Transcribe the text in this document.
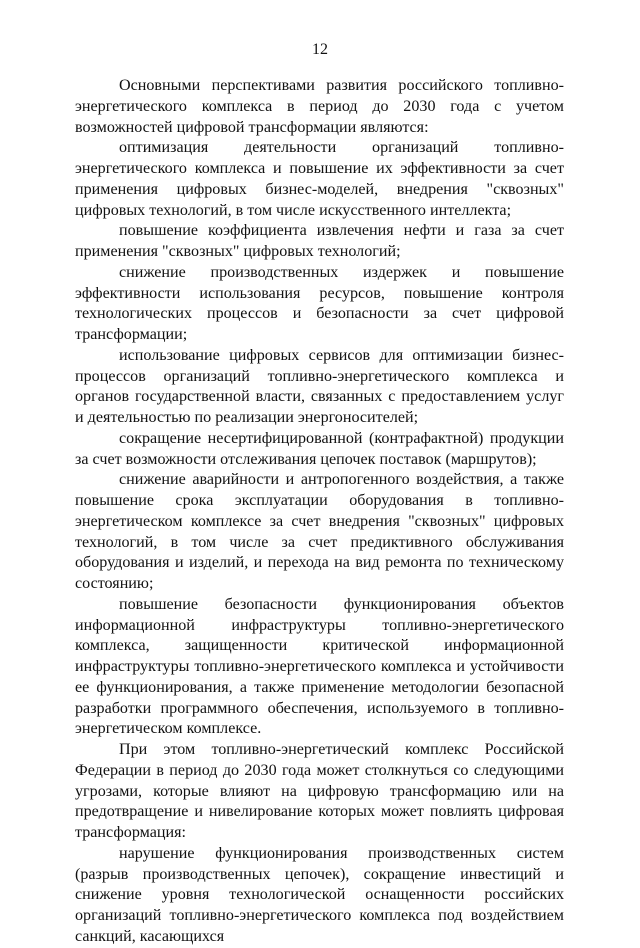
12

Основными перспективами развития российского топливно-энергетического комплекса в период до 2030 года с учетом возможностей цифровой трансформации являются:

оптимизация деятельности организаций топливно-энергетического комплекса и повышение их эффективности за счет применения цифровых бизнес-моделей, внедрения "сквозных" цифровых технологий, в том числе искусственного интеллекта;

повышение коэффициента извлечения нефти и газа за счет применения "сквозных" цифровых технологий;

снижение производственных издержек и повышение эффективности использования ресурсов, повышение контроля технологических процессов и безопасности за счет цифровой трансформации;

использование цифровых сервисов для оптимизации бизнес-процессов организаций топливно-энергетического комплекса и органов государственной власти, связанных с предоставлением услуг и деятельностью по реализации энергоносителей;

сокращение несертифицированной (контрафактной) продукции за счет возможности отслеживания цепочек поставок (маршрутов);

снижение аварийности и антропогенного воздействия, а также повышение срока эксплуатации оборудования в топливно-энергетическом комплексе за счет внедрения "сквозных" цифровых технологий, в том числе за счет предиктивного обслуживания оборудования и изделий, и перехода на вид ремонта по техническому состоянию;

повышение безопасности функционирования объектов информационной инфраструктуры топливно-энергетического комплекса, защищенности критической информационной инфраструктуры топливно-энергетического комплекса и устойчивости ее функционирования, а также применение методологии безопасной разработки программного обеспечения, используемого в топливно-энергетическом комплексе.

При этом топливно-энергетический комплекс Российской Федерации в период до 2030 года может столкнуться со следующими угрозами, которые влияют на цифровую трансформацию или на предотвращение и нивелирование которых может повлиять цифровая трансформация:

нарушение функционирования производственных систем (разрыв производственных цепочек), сокращение инвестиций и снижение уровня технологической оснащенности российских организаций топливно-энергетического комплекса под воздействием санкций, касающихся
